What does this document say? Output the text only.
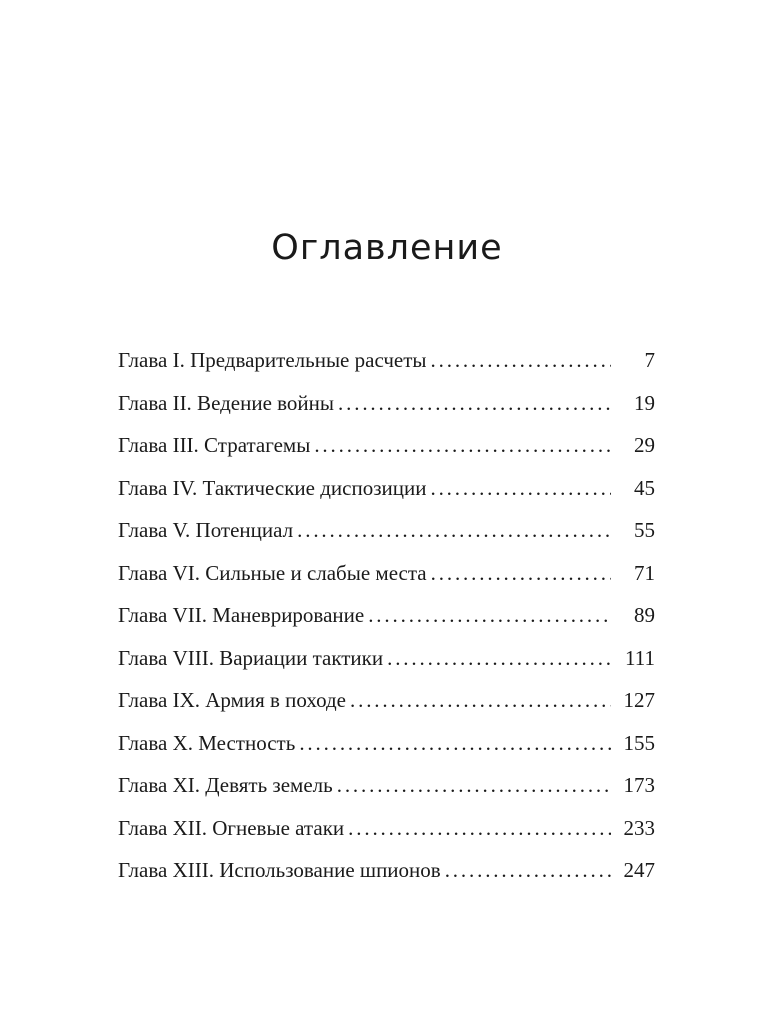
Оглавление
Глава I. Предварительные расчеты . . .	7
Глава II. Ведение войны . . .	19
Глава III. Стратагемы . . .	29
Глава IV. Тактические диспозиции . . .	45
Глава V. Потенциал . . .	55
Глава VI. Сильные и слабые места . . .	71
Глава VII. Маневрирование . . .	89
Глава VIII. Вариации тактики . . .	111
Глава IX. Армия в походе . . .	127
Глава X. Местность . . .	155
Глава XI. Девять земель . . .	173
Глава XII. Огневые атаки . . .	233
Глава XIII. Использование шпионов . . .	247
